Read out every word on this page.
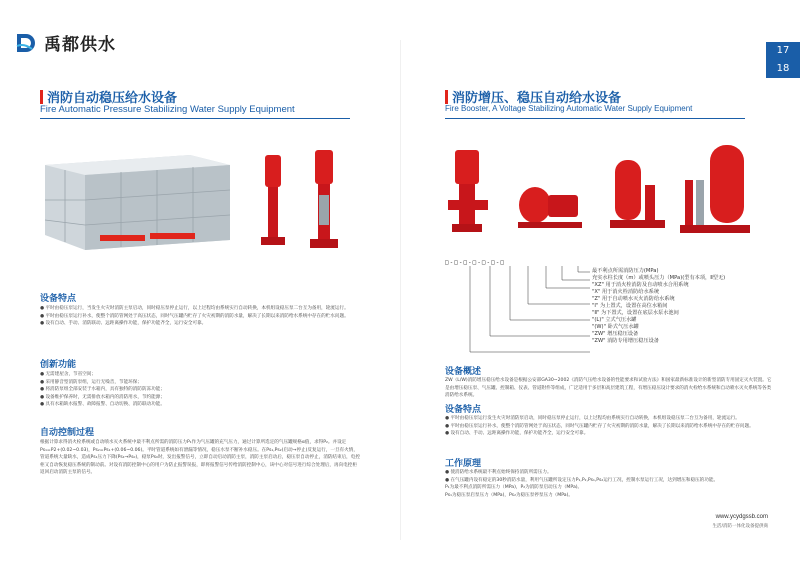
禹都供水	17
18
消防自动稳压给水设备
Fire Automatic Pressure Stabilizing Water Supply Equipment
设备特点

● 平时由稳压泵运行，当发生火灾时消防主泵启动，同时稳压泵停止运行，以上过程均由系统实行自动转换，本机组设稳压泵二台互为备用，轮流运行。

● 平时由稳压泵运行补水，使整个消防管网处于高压状态，同时气压罐内贮存了火灾初期的消防水量，解决了长期以来消防给水系统中存在的贮水问题。

● 设有自动、手动、消防联动、远距离操作功能，保护功能齐全，运行安全可靠。

创新功能

● 无需建屋舍，节省空间；

● 采用静音型消防泵组，运行无噪音，节能环保；

● 将消防泵组全部安装于水箱内，具有独特的消防防冻功能；

● 设备维护保养时，无需排放水箱内的消防用水，节约能源；

● 具有水箱缺水报警、故障报警、自动切换、消防联动功能。

自动控制过程

根据计算求得消火栓系统或自动喷水灭火系统中最不利点所需的消防压力P₁作为气压罐的充气压力，通过计算所选定的气压罐规格α值，求得P₂。并设定Ps₁=P2+(0.02~0.03)，Ps₂=Ps₁+(0.06~0.06)。平时管道系统如有泄漏等情况，稳压水泵不断补水稳压。在Ps₁,Ps₂(启动→停止)反复运行，一旦有火情，管道系统大量缺水，造成Ps₁压力下降(Ps₁→Ps₀)，稳泵Ps₀时，发出报警信号，立即自动启动消防主泵，消防主泵启动后，稳压泵自动停止，消防结束后，电控柜又自动恢复稳压系统的制动前。对设有消防控制中心的用户为防止报警误报，即将报警信号传给消防控制中心，该中心对信号进行综合处理后，再向电控柜返回启动消防主泵的信号。

消防增压、稳压自动给水设备
Fire Booster, A Voltage Stabilizing Automatic Water Supply Equipment
□-□-□-□-□-□-□
最不利点所需消防压力(MPa)
充实水柱长度（m）或喷头压力（MPa)(型有本项，Ⅱ型无)
"XZ" 用于消火栓消防及自动喷水合用系统
"X" 用于消火栓消防给水系统
"Z" 用于自动喷水灭火消防给水系统
"I" 为上置式，设置在高位水箱间
"Ⅱ" 为下置式，设置在底层水泵水池间
"(L)" 立式气压水罐
"(W)" 卧式气压水罐
"ZW" 增压稳压设备
"ZW" 消防专用增压稳压设备
设备概述

ZW（L/W)消防增压稳压给水设备是根据公安部GA30~2002《消防气压给水设备的性能要求和试验方法》和国家最新标准设计的新型消防专用固定灭火装置。它是由增压稳压泵、气压罐、控制箱、仪表、管道附件等组成，广泛适用于多层和高层建筑工程，有增压稳压设计要求的消火栓给水系统和自动喷水灭火系统等各类消防给水系统。

设备特点

● 平时由稳压泵运行发生火灾时消防泵启动，同时稳压泵停止运行，以上过程均由系统实行自动转换，本机组设稳压泵二台互为备用，轮流运行。

● 平时由稳压泵运行补水，使整个消防管网处于高压状态，同时气压罐内贮存了火灾初期的消防水量，解决了长期以来消防给水系统中存在的贮存问题。

● 设有自动、手动、远距离操作功能，保护功能齐全，运行安全可靠。

工作原理

● 使消防给水系统最不利点始终保持消防所需压力。

● 在气压罐内设有稳定的30秒消防水量，利用气压罐所设定压力P₁,P₂,Ps₁,Ps₂运行工况，控制水泵运行工况，达到增压和稳压的功能。

P₁为最不利点消防所需压力（MPa)，P₂为消防泵启动压力（MPa)。

Ps₁为稳压泵启泵压力（MPa)，Ps₂为稳压泵停泵压力（MPa)。

www.ycydgssb.com
生活/消防一体化设备提供商
